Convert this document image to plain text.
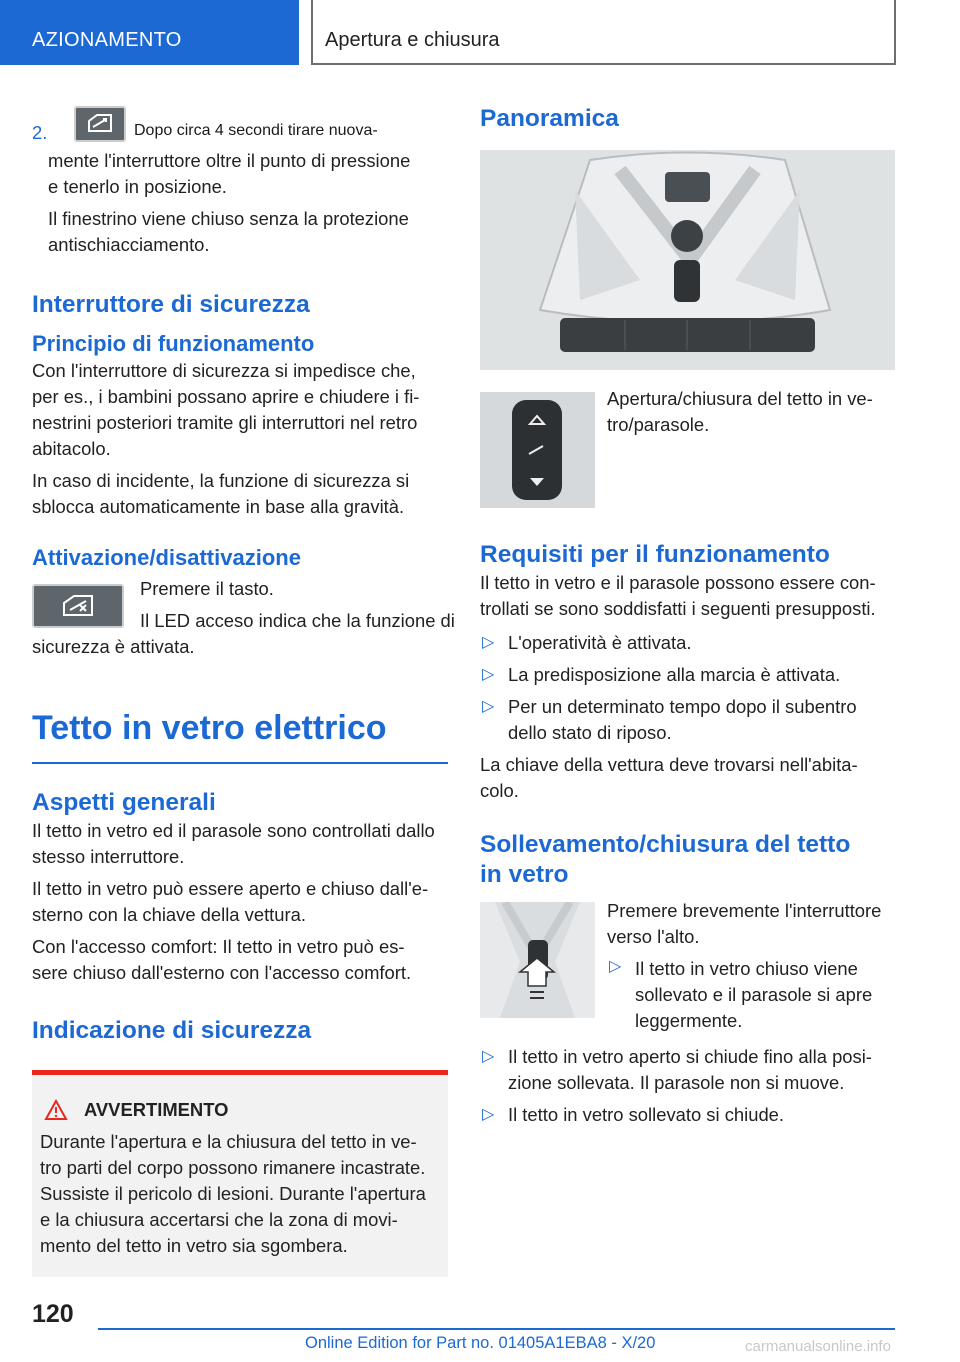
AZIONAMENTO	Apertura e chiusura
2.	Dopo circa 4 secondi tirare nuova-

mente l'interruttore oltre il punto di pressione

e tenerlo in posizione.

Il finestrino viene chiuso senza la protezione

antischiacciamento.

Interruttore di sicurezza
Principio di funzionamento

Con l'interruttore di sicurezza si impedisce che,

per es., i bambini possano aprire e chiudere i fi-

nestrini posteriori tramite gli interruttori nel retro

abitacolo.

In caso di incidente, la funzione di sicurezza si

sblocca automaticamente in base alla gravità.

Attivazione/disattivazione

Premere il tasto.

Il LED acceso indica che la funzione di

sicurezza è attivata.

Tetto in vetro elettrico
Aspetti generali

Il tetto in vetro ed il parasole sono controllati dallo

stesso interruttore.

Il tetto in vetro può essere aperto e chiuso dall'e-

sterno con la chiave della vettura.

Con l'accesso comfort: Il tetto in vetro può es-

sere chiuso dall'esterno con l'accesso comfort.

Indicazione di sicurezza
AVVERTIMENTO

Durante l'apertura e la chiusura del tetto in ve-

tro parti del corpo possono rimanere incastrate.

Sussiste il pericolo di lesioni. Durante l'apertura

e la chiusura accertarsi che la zona di movi-

mento del tetto in vetro sia sgombera.

Panoramica

Apertura/chiusura del tetto in ve-

tro/parasole.

Requisiti per il funzionamento

Il tetto in vetro e il parasole possono essere con-

trollati se sono soddisfatti i seguenti presupposti.

▷ L'operatività è attivata.
▷ La predisposizione alla marcia è attivata.
▷ Per un determinato tempo dopo il subentro
dello stato di riposo.

La chiave della vettura deve trovarsi nell'abita-

colo.

Sollevamento/chiusura del tetto
in vetro

Premere brevemente l'interruttore

verso l'alto.

▷ Il tetto in vetro chiuso viene

sollevato e il parasole si apre

leggermente.

▷ Il tetto in vetro aperto si chiude fino alla posi-
zione sollevata. Il parasole non si muove.
▷ Il tetto in vetro sollevato si chiude.
120
Online Edition for Part no. 01405A1EBA8 - X/20	carmanualsonline.info
